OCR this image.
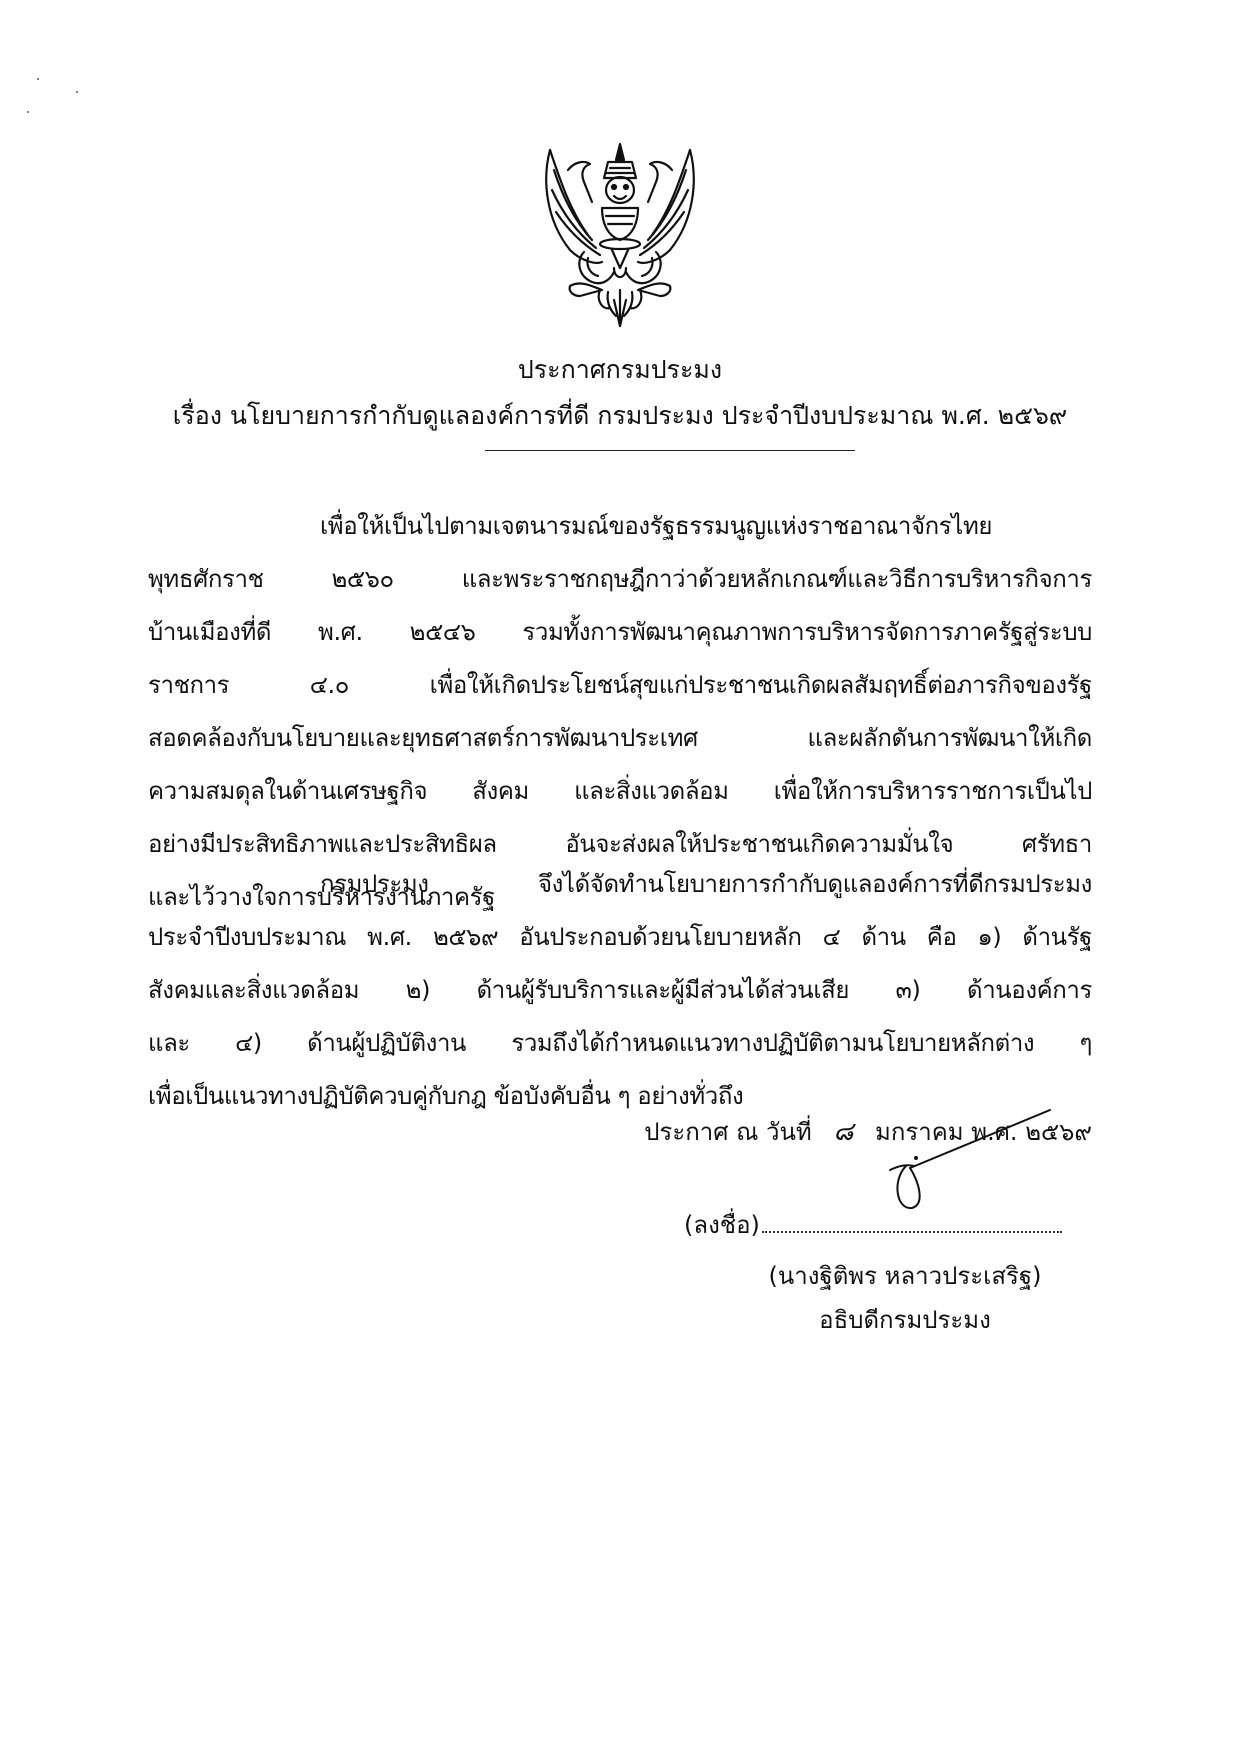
ประกาศกรมประมง
เรื่อง นโยบายการกำกับดูแลองค์การที่ดี กรมประมง ประจำปีงบประมาณ พ.ศ. ๒๕๖๙
เพื่อให้เป็นไปตามเจตนารมณ์ของรัฐธรรมนูญแห่งราชอาณาจักรไทย
พุทธศักราช ๒๕๖๐ และพระราชกฤษฎีกาว่าด้วยหลักเกณฑ์และวิธีการบริหารกิจการ
บ้านเมืองที่ดี พ.ศ. ๒๕๔๖ รวมทั้งการพัฒนาคุณภาพการบริหารจัดการภาครัฐสู่ระบบ
ราชการ ๔.๐ เพื่อให้เกิดประโยชน์สุขแก่ประชาชนเกิดผลสัมฤทธิ์ต่อภารกิจของรัฐ
สอดคล้องกับนโยบายและยุทธศาสตร์การพัฒนาประเทศ และผลักดันการพัฒนาให้เกิด
ความสมดุลในด้านเศรษฐกิจ สังคม และสิ่งแวดล้อม เพื่อให้การบริหารราชการเป็นไป
อย่างมีประสิทธิภาพและประสิทธิผล อันจะส่งผลให้ประชาชนเกิดความมั่นใจ ศรัทธา
และไว้วางใจการบริหารงานภาครัฐ
กรมประมง จึงได้จัดทำนโยบายการกำกับดูแลองค์การที่ดีกรมประมง
ประจำปีงบประมาณ พ.ศ. ๒๕๖๙ อันประกอบด้วยนโยบายหลัก ๔ ด้าน คือ ๑) ด้านรัฐ
สังคมและสิ่งแวดล้อม ๒) ด้านผู้รับบริการและผู้มีส่วนได้ส่วนเสีย ๓) ด้านองค์การ
และ ๔) ด้านผู้ปฏิบัติงาน รวมถึงได้กำหนดแนวทางปฏิบัติตามนโยบายหลักต่าง ๆ
เพื่อเป็นแนวทางปฏิบัติควบคู่กับกฎ ข้อบังคับอื่น ๆ อย่างทั่วถึง
ประกาศ ณ วันที่ ๘ มกราคม พ.ศ. ๒๕๖๙
(ลงชื่อ)
(นางฐิติพร หลาวประเสริฐ)
อธิบดีกรมประมง
